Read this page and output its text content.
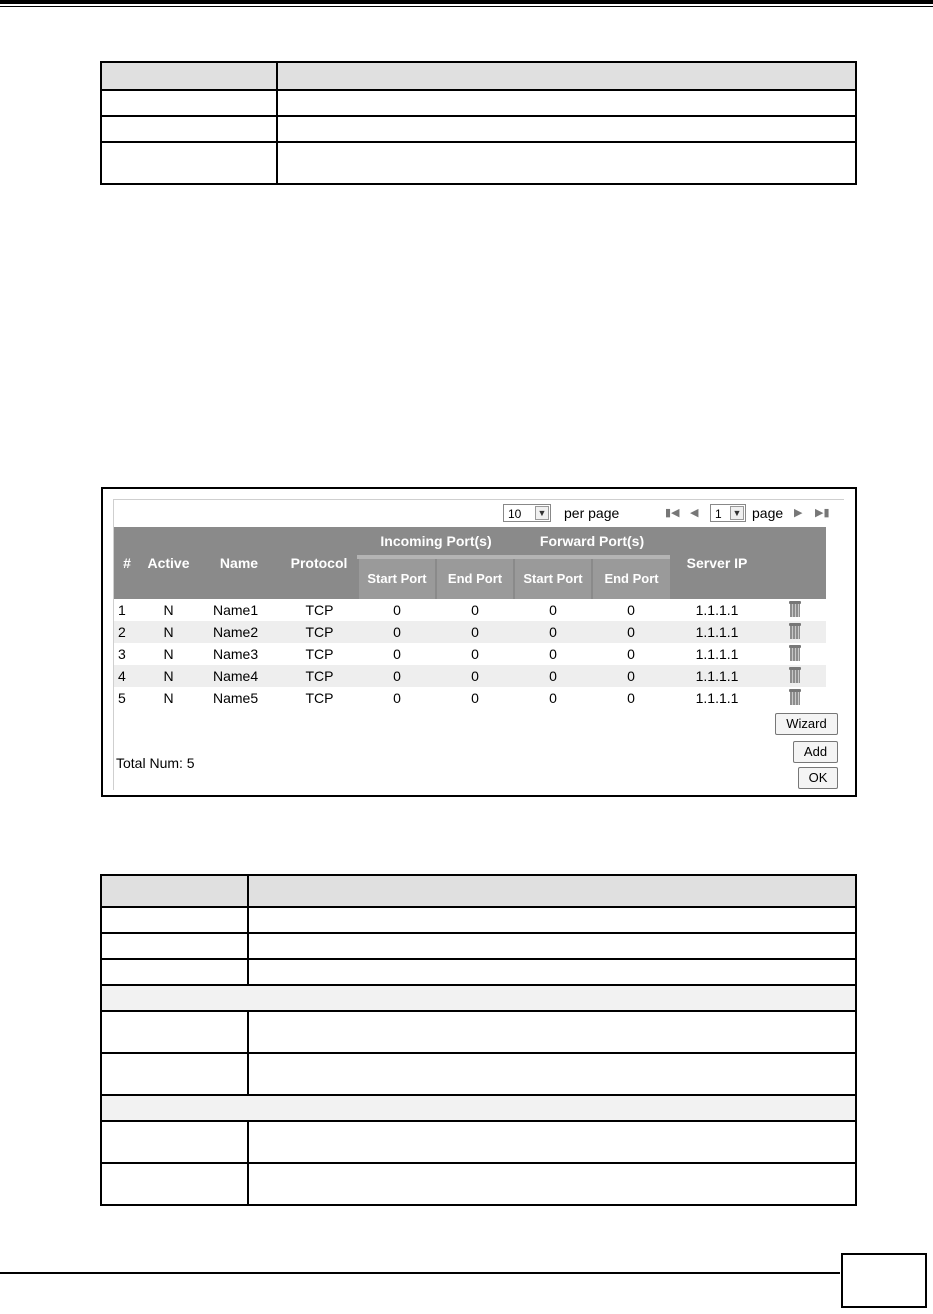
10 ▼ per page	▮◀ ◀	1 ▼ page ▶ ▶▮
#	Active	Name	Protocol	Incoming Port(s)		Forward Port(s)		Server IP	
				Start Port	End Port	Start Port	End Port		
1	N	Name1	TCP	0	0	0	0	1.1.1.1	

2	N	Name2	TCP	0	0	0	0	1.1.1.1	

3	N	Name3	TCP	0	0	0	0	1.1.1.1	

4	N	Name4	TCP	0	0	0	0	1.1.1.1	

5	N	Name5	TCP	0	0	0	0	1.1.1.1	
Wizard
Total Num: 5
Add
OK
